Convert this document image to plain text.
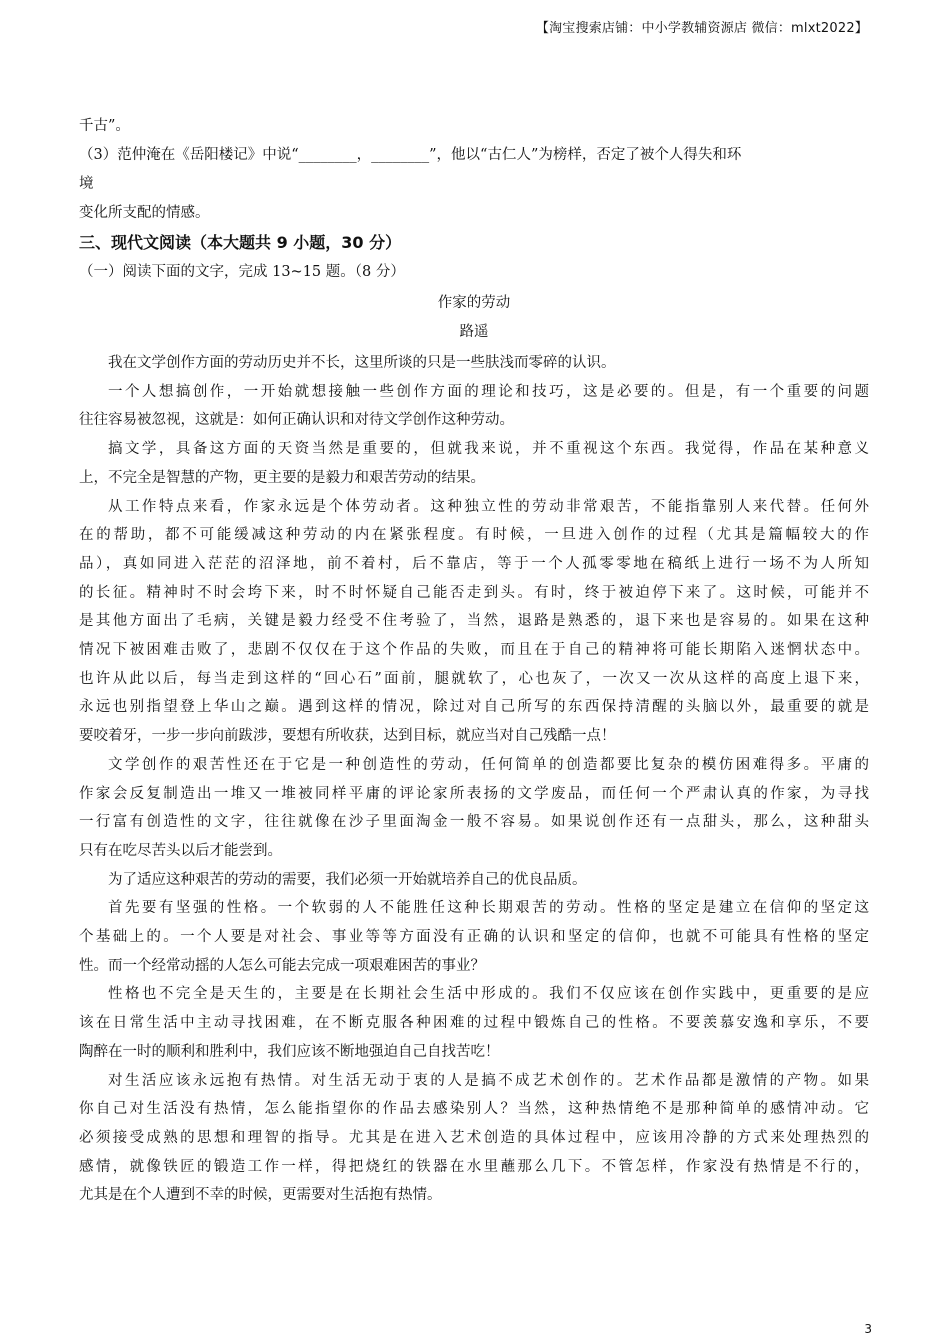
【淘宝搜索店铺：中小学教辅资源店 微信：mlxt2022】

千古”。

（3）范仲淹在《岳阳楼记》中说“________，________”，他以“古仁人”为榜样，否定了被个人得失和环

境

变化所支配的情感。

三、现代文阅读（本大题共 9 小题，30 分）

（一）阅读下面的文字，完成 13~15 题。（8 分）

作家的劳动

路遥

我在文学创作方面的劳动历史并不长，这里所谈的只是一些肤浅而零碎的认识。

一个人想搞创作，一开始就想接触一些创作方面的理论和技巧，这是必要的。但是，有一个重要的问题
往往容易被忽视，这就是：如何正确认识和对待文学创作这种劳动。

搞文学，具备这方面的天资当然是重要的，但就我来说，并不重视这个东西。我觉得，作品在某种意义
上，不完全是智慧的产物，更主要的是毅力和艰苦劳动的结果。

从工作特点来看，作家永远是个体劳动者。这种独立性的劳动非常艰苦，不能指靠别人来代替。任何外
在的帮助，都不可能缓减这种劳动的内在紧张程度。有时候，一旦进入创作的过程（尤其是篇幅较大的作
品），真如同进入茫茫的沼泽地，前不着村，后不靠店，等于一个人孤零零地在稿纸上进行一场不为人所知
的长征。精神时不时会垮下来，时不时怀疑自己能否走到头。有时，终于被迫停下来了。这时候，可能并不
是其他方面出了毛病，关键是毅力经受不住考验了，当然，退路是熟悉的，退下来也是容易的。如果在这种
情况下被困难击败了，悲剧不仅仅在于这个作品的失败，而且在于自己的精神将可能长期陷入迷惘状态中。
也许从此以后，每当走到这样的“回心石”面前，腿就软了，心也灰了，一次又一次从这样的高度上退下来，
永远也别指望登上华山之巅。遇到这样的情况，除过对自己所写的东西保持清醒的头脑以外，最重要的就是
要咬着牙，一步一步向前跋涉，要想有所收获，达到目标，就应当对自己残酷一点！

文学创作的艰苦性还在于它是一种创造性的劳动，任何简单的创造都要比复杂的模仿困难得多。平庸的
作家会反复制造出一堆又一堆被同样平庸的评论家所表扬的文学废品，而任何一个严肃认真的作家，为寻找
一行富有创造性的文字，往往就像在沙子里面淘金一般不容易。如果说创作还有一点甜头，那么，这种甜头
只有在吃尽苦头以后才能尝到。

为了适应这种艰苦的劳动的需要，我们必须一开始就培养自己的优良品质。

首先要有坚强的性格。一个软弱的人不能胜任这种长期艰苦的劳动。性格的坚定是建立在信仰的坚定这
个基础上的。一个人要是对社会、事业等等方面没有正确的认识和坚定的信仰，也就不可能具有性格的坚定
性。而一个经常动摇的人怎么可能去完成一项艰难困苦的事业？

性格也不完全是天生的，主要是在长期社会生活中形成的。我们不仅应该在创作实践中，更重要的是应
该在日常生活中主动寻找困难，在不断克服各种困难的过程中锻炼自己的性格。不要羡慕安逸和享乐，不要
陶醉在一时的顺利和胜利中，我们应该不断地强迫自己自找苦吃！

对生活应该永远抱有热情。对生活无动于衷的人是搞不成艺术创作的。艺术作品都是激情的产物。如果
你自己对生活没有热情，怎么能指望你的作品去感染别人？当然，这种热情绝不是那种简单的感情冲动。它
必须接受成熟的思想和理智的指导。尤其是在进入艺术创造的具体过程中，应该用冷静的方式来处理热烈的
感情，就像铁匠的锻造工作一样，得把烧红的铁器在水里蘸那么几下。不管怎样，作家没有热情是不行的，
尤其是在个人遭到不幸的时候，更需要对生活抱有热情。

3
